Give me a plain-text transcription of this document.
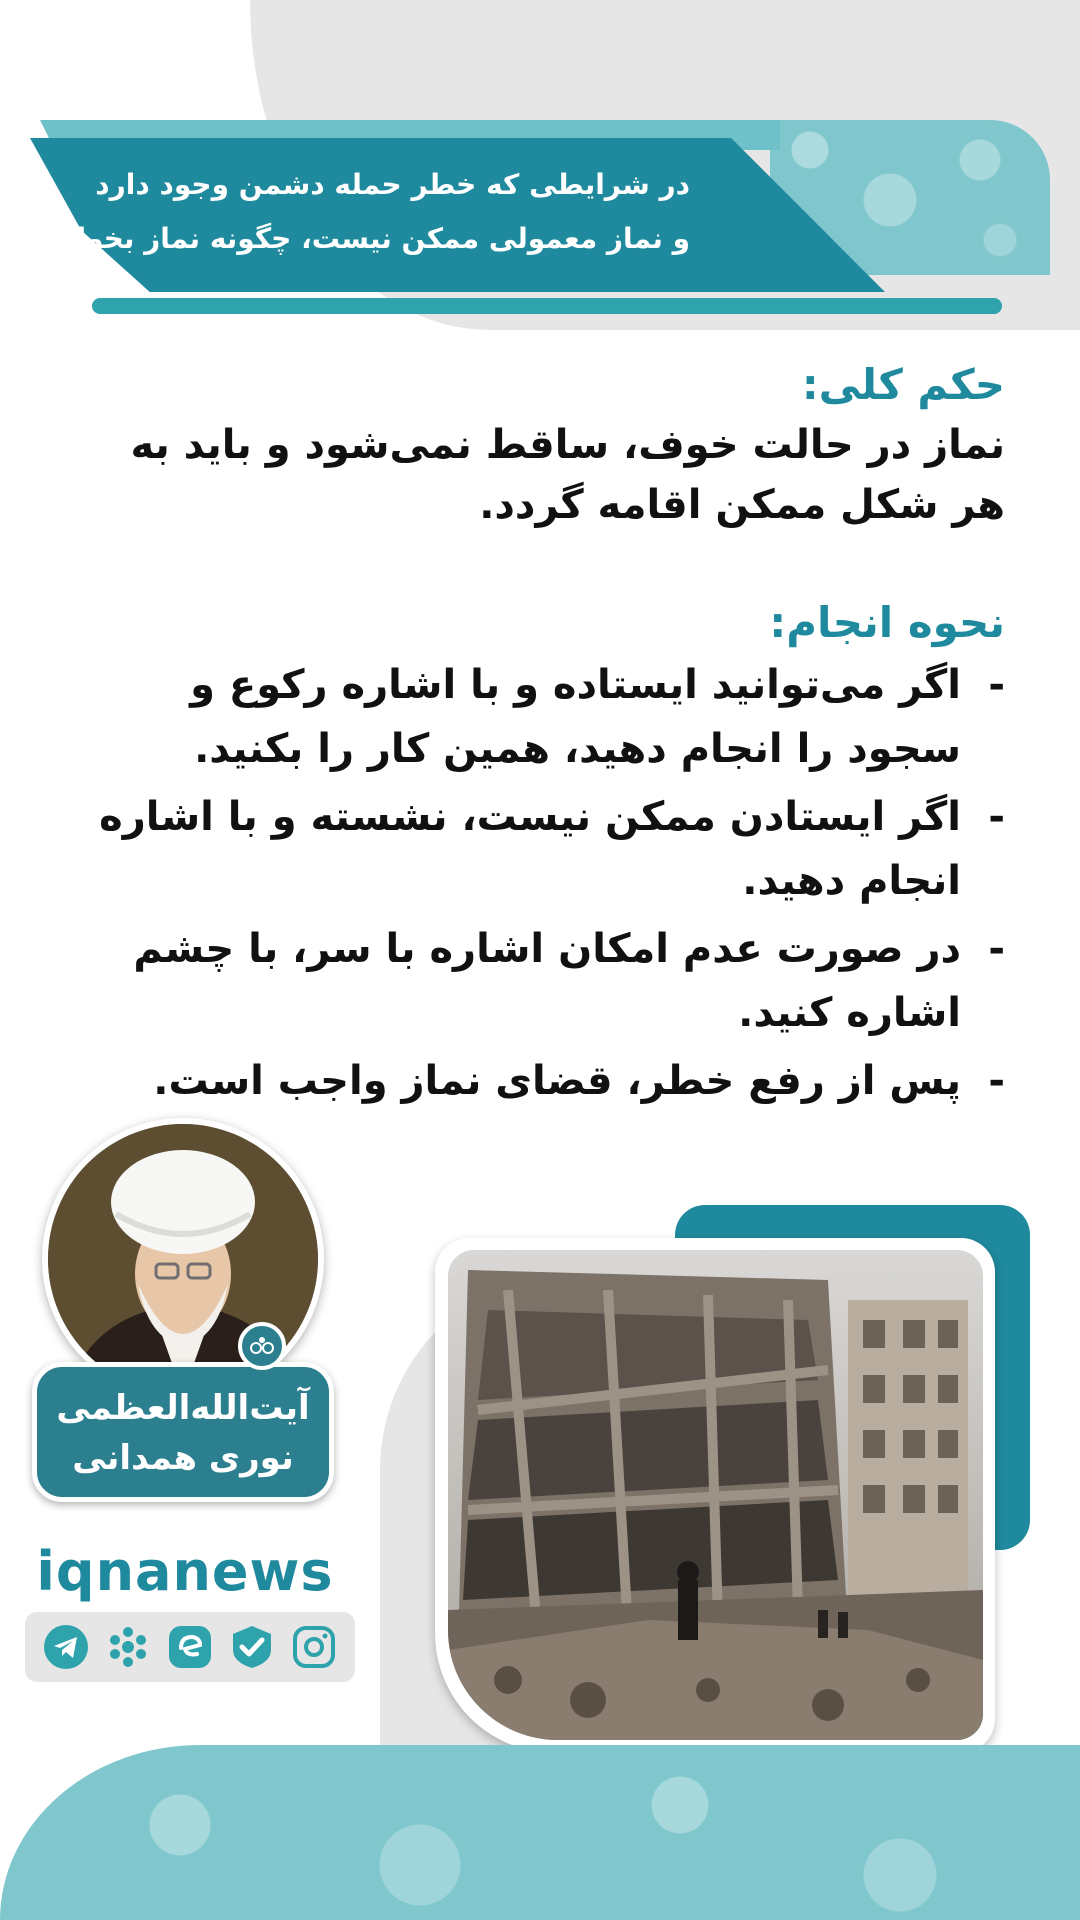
در شرایطی که خطر حمله دشمن وجود دارد
و نماز معمولی ممکن نیست، چگونه نماز بخوانیم
حکم کلی:
نماز در حالت خوف، ساقط نمی‌شود و باید به هر شکل ممکن اقامه گردد.
نحوه انجام:
-
اگر می‌توانید ایستاده و با اشاره رکوع و سجود را انجام دهید، همین کار را بکنید.
-
اگر ایستادن ممکن نیست، نشسته و با اشاره انجام دهید.
-
در صورت عدم امکان اشاره با سر، با چشم اشاره کنید.
-
پس از رفع خطر، قضای نماز واجب است.
آیت‌الله‌العظمی
نوری همدانی
iqnanews
